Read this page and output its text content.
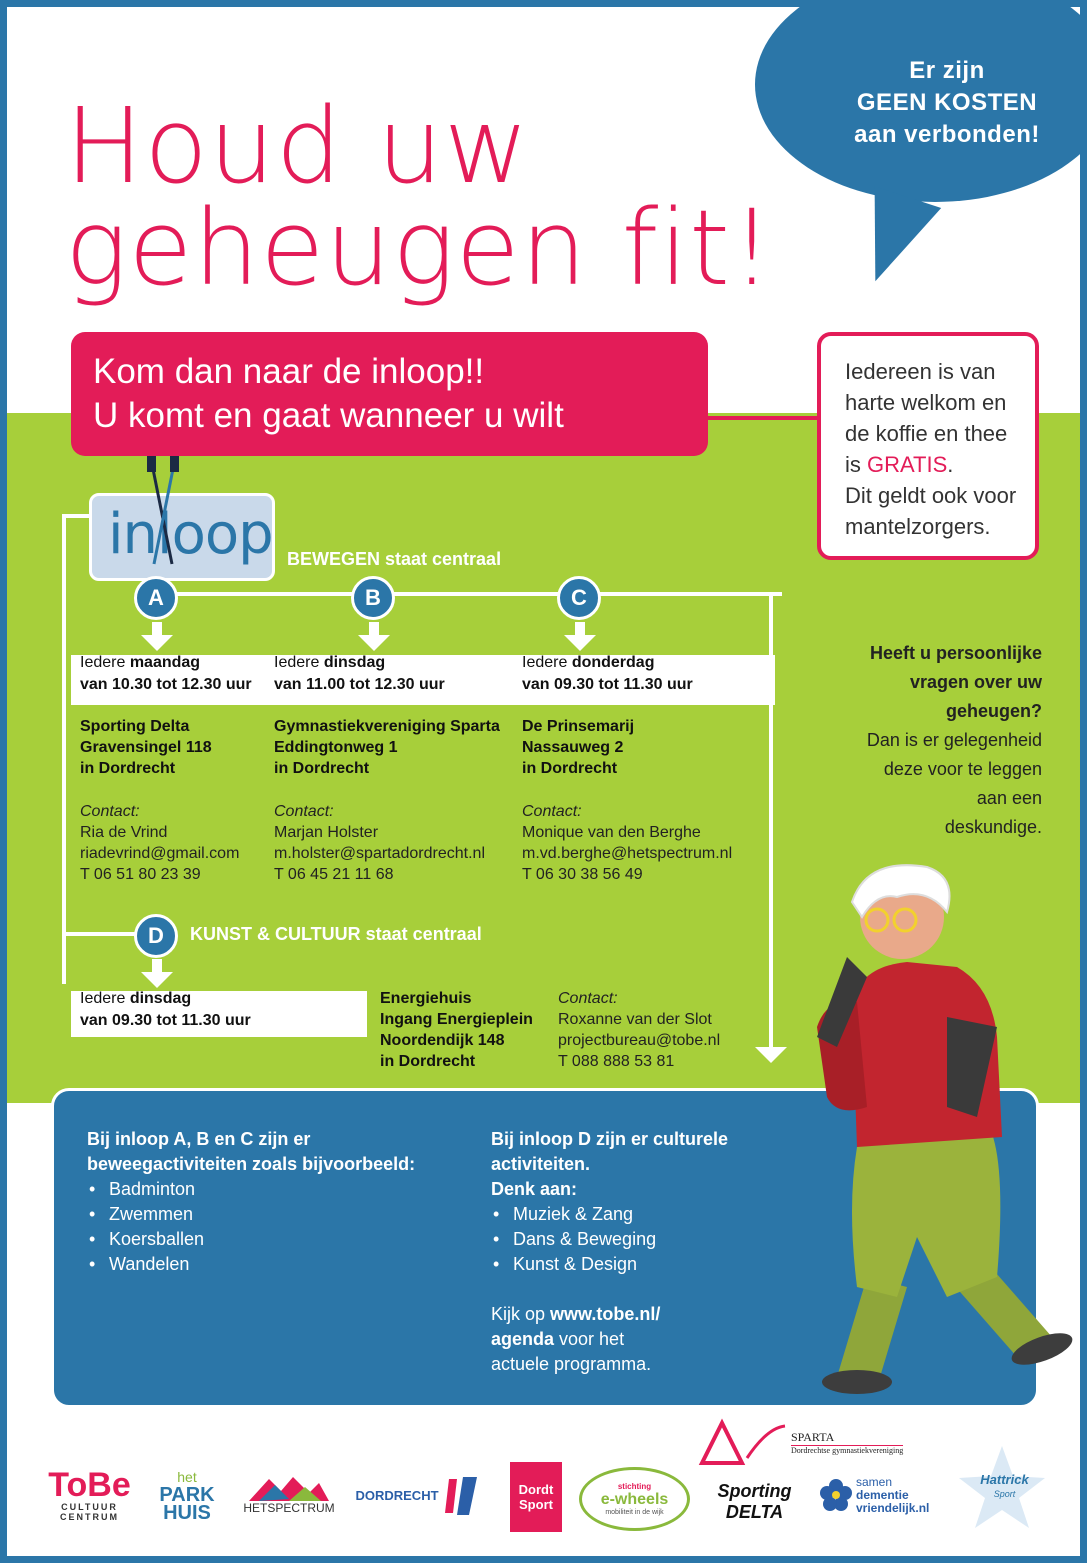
Er zijn
GEEN KOSTEN
aan verbonden!
Houd uw
geheugen fit!
Kom dan naar de inloop!!
U komt en gaat wanneer u wilt
Iedereen is van
harte welkom en
de koffie en thee
is GRATIS.
Dit geldt ook voor
mantelzorgers.
inloop BEWEGEN staat centraal
A	B	C
Iedere maandag
van 10.30 tot 12.30 uur
Sporting Delta
Gravensingel 118
in Dordrecht
Contact:
Ria de Vrind
riadevrind@gmail.com
T 06 51 80 23 39
Iedere dinsdag
van 11.00 tot 12.30 uur
Gymnastiekvereniging Sparta
Eddingtonweg 1
in Dordrecht
Contact:
Marjan Holster
m.holster@spartadordrecht.nl
T 06 45 21 11 68
Iedere donderdag
van 09.30 tot 11.30 uur
De Prinsemarij
Nassauweg 2
in Dordrecht
Contact:
Monique van den Berghe
m.vd.berghe@hetspectrum.nl
T 06 30 38 56 49
D	KUNST & CULTUUR staat centraal
Iedere dinsdag
van 09.30 tot 11.30 uur
Energiehuis
Ingang Energieplein
Noordendijk 148
in Dordrecht
Contact:
Roxanne van der Slot
projectbureau@tobe.nl
T 088 888 53 81
Heeft u persoonlijke
vragen over uw
geheugen?
Dan is er gelegenheid
deze voor te leggen
aan een
deskundige.
Bij inloop A, B en C zijn er
beweegactiviteiten zoals bijvoorbeeld:
• Badminton
• Zwemmen
• Koersballen
• Wandelen
Bij inloop D zijn er culturele
activiteiten.
Denk aan:
• Muziek & Zang
• Dans & Beweging
• Kunst & Design
Kijk op www.tobe.nl/
agenda voor het
actuele programma.
ToBe
CULTUUR
CENTRUM
het
PARK
HUIS	HETSPECTRUM
DORDRECHT	Dordt
Sport
stichting
e-wheels
mobiliteit in de wijk
SPARTA
Dordrechtse gymnastiekvereniging
Sporting
DELTA
samen
dementie
vriendelijk.nl
Hattrick
Sport
